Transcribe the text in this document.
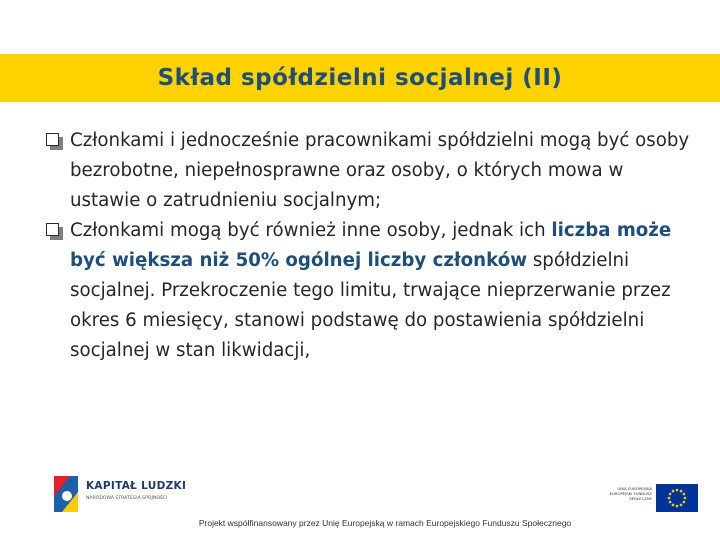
Skład spółdzielni socjalnej (II)

Członkami i jednocześnie pracownikami spółdzielni mogą być osoby bezrobotne, niepełnosprawne oraz osoby, o których mowa w ustawie o zatrudnieniu socjalnym;

Członkami mogą być również inne osoby, jednak ich liczba może być większa niż 50% ogólnej liczby członków spółdzielni socjalnej. Przekroczenie tego limitu, trwające nieprzerwanie przez okres 6 miesięcy, stanowi podstawę do postawienia spółdzielni socjalnej w stan likwidacji,

KAPITAŁ LUDZKI
NARODOWA STRATEGIA SPÓJNOŚCI
UNIA EUROPEJSKA EUROPEJSKI FUNDUSZ SPOŁECZNY
Projekt współfinansowany przez Unię Europejską w ramach Europejskiego Funduszu Społecznego
